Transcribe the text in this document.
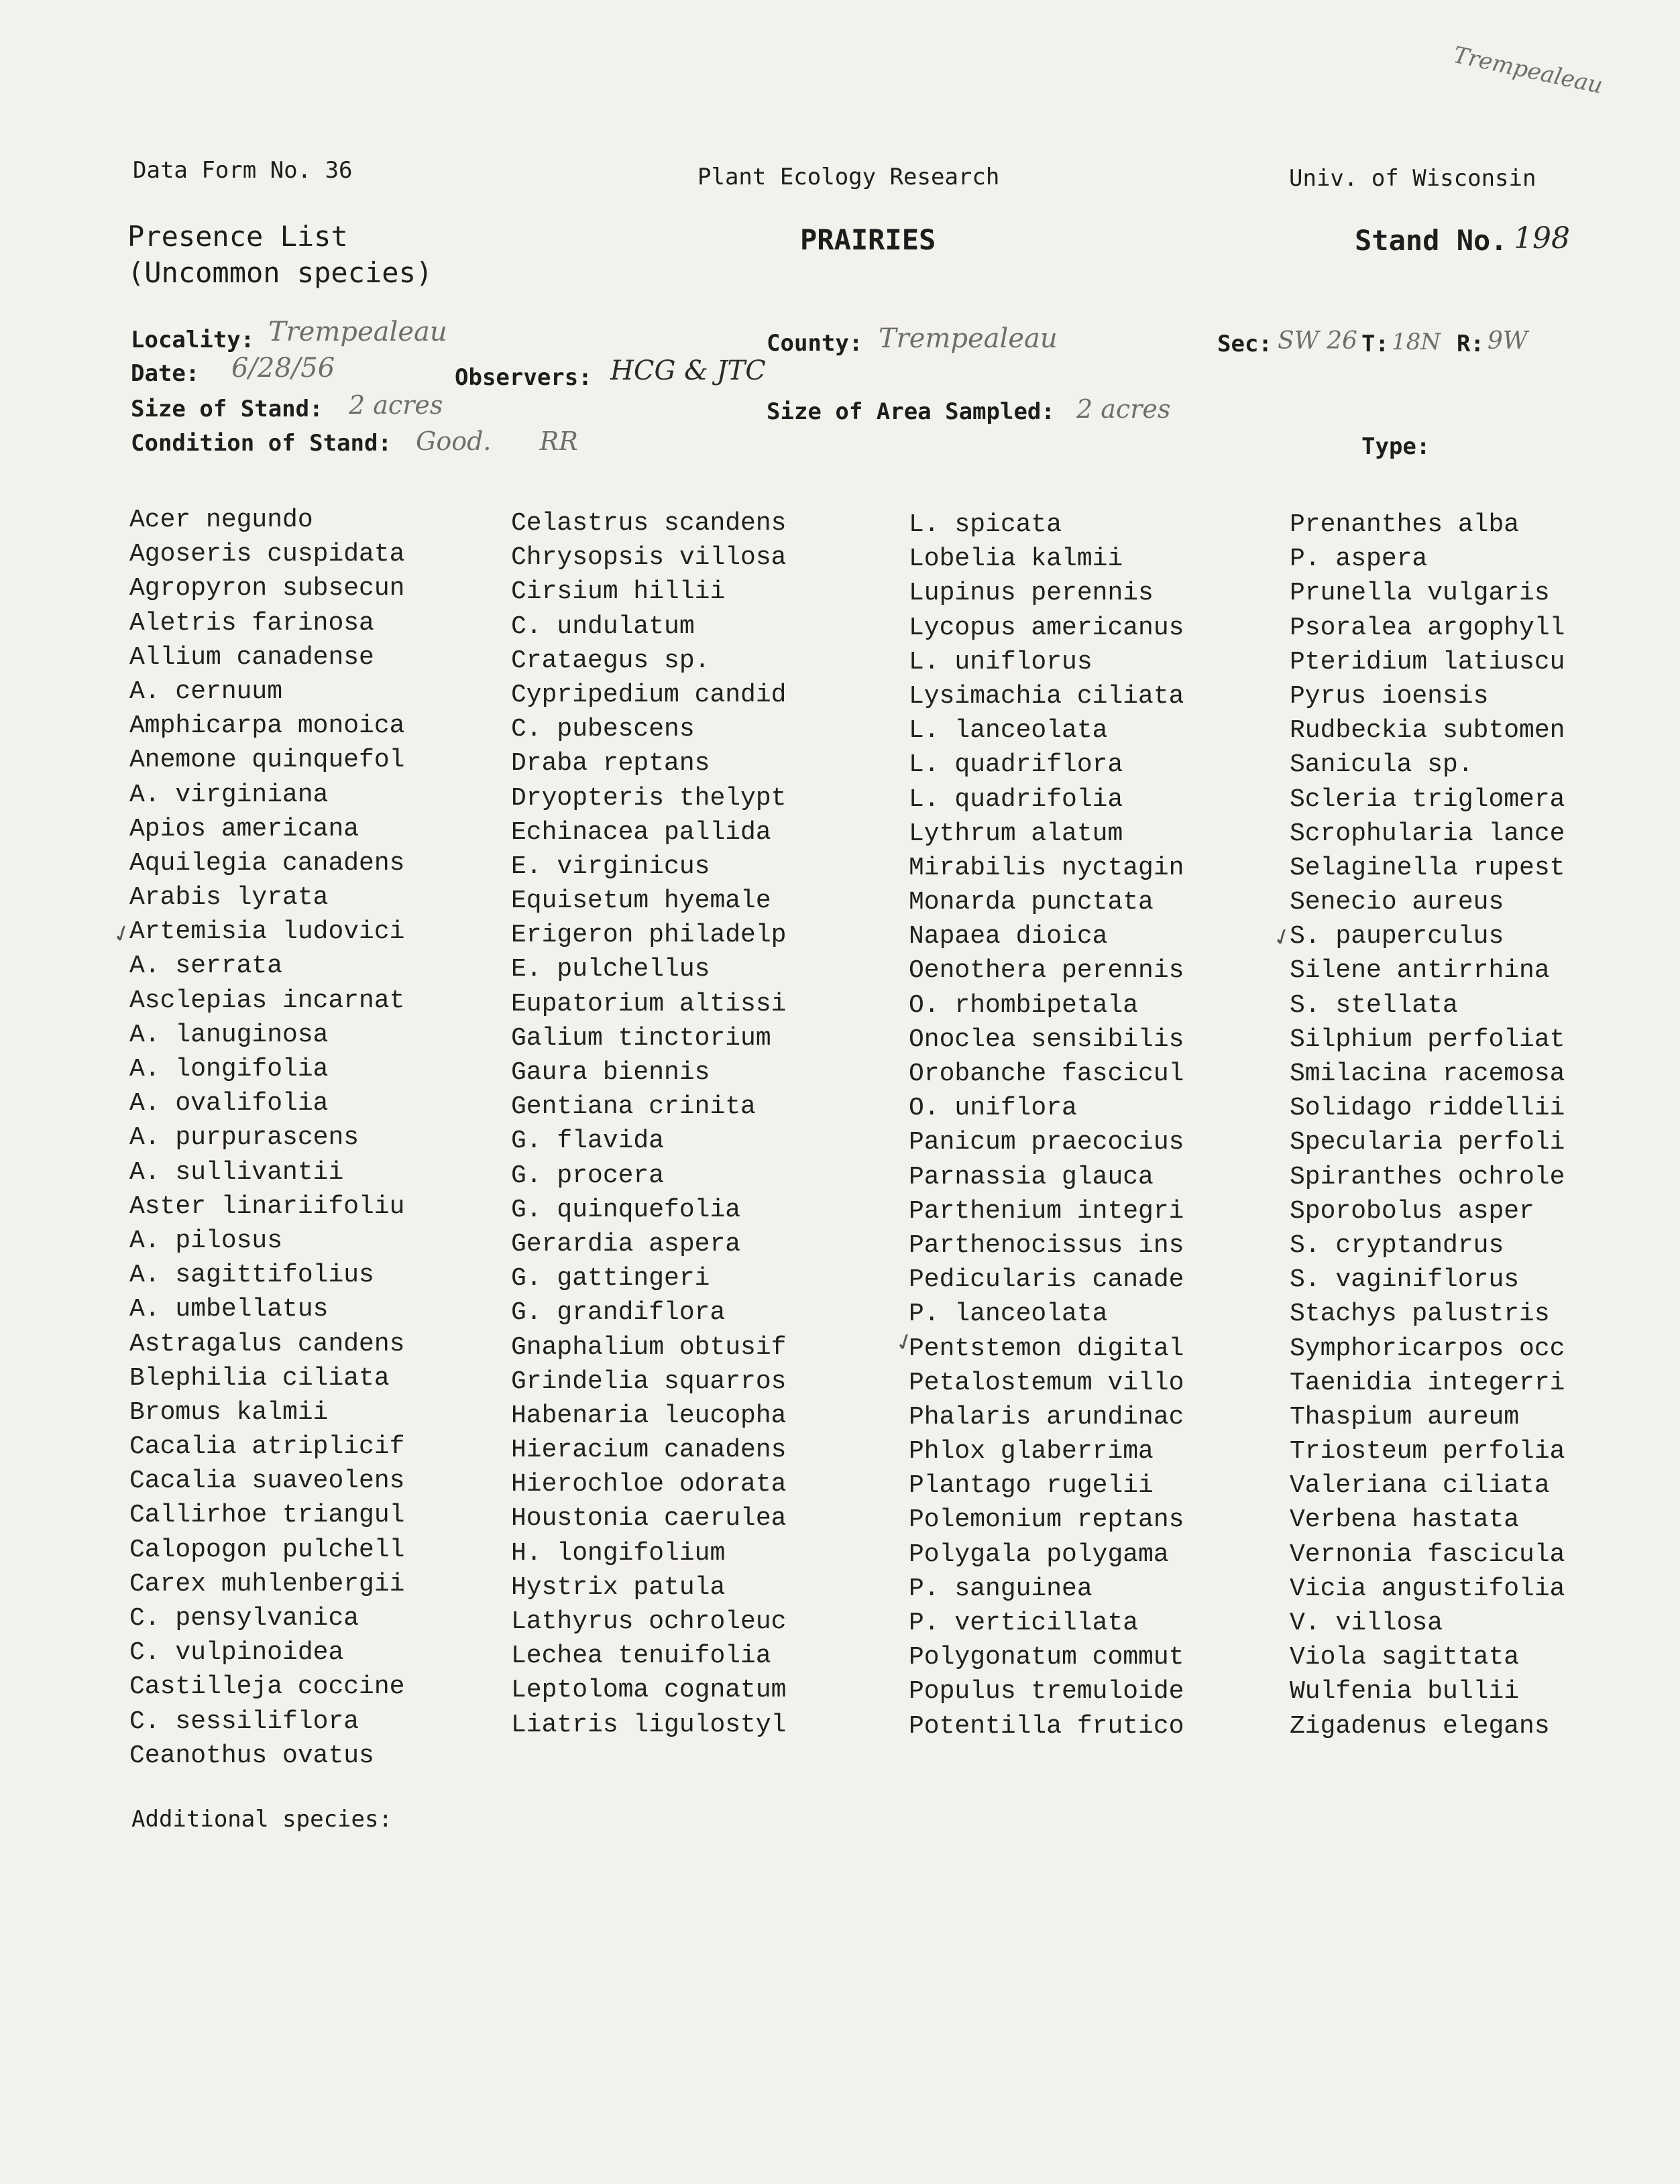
Trempealeau
Data Form No. 36	Plant Ecology Research	Univ. of Wisconsin
Presence List
(Uncommon species)
PRAIRIES	Stand No. 198
Locality: Trempealeau	County: Trempealeau	Sec: SW 26 T: 18N R: 9W
Date: 6/28/56	Observers: HCG & JTC
Size of Stand: 2 acres	Size of Area Sampled: 2 acres
Condition of Stand: Good. RR	Type:
Acer negundo
Agoseris cuspidata
Agropyron subsecun
Aletris farinosa
Allium canadense
A. cernuum
Amphicarpa monoica
Anemone quinquefol
A. virginiana
Apios americana
Aquilegia canadens
Arabis lyrata
Artemisia ludovici
A. serrata
Asclepias incarnat
A. lanuginosa
A. longifolia
A. ovalifolia
A. purpurascens
A. sullivantii
Aster linariifoliu
A. pilosus
A. sagittifolius
A. umbellatus
Astragalus candens
Blephilia ciliata
Bromus kalmii
Cacalia atriplicif
Cacalia suaveolens
Callirhoe triangul
Calopogon pulchell
Carex muhlenbergii
C. pensylvanica
C. vulpinoidea
Castilleja coccine
C. sessiliflora
Ceanothus ovatus
Celastrus scandens
Chrysopsis villosa
Cirsium hillii
C. undulatum
Crataegus sp.
Cypripedium candid
C. pubescens
Draba reptans
Dryopteris thelypt
Echinacea pallida
E. virginicus
Equisetum hyemale
Erigeron philadelp
E. pulchellus
Eupatorium altissi
Galium tinctorium
Gaura biennis
Gentiana crinita
G. flavida
G. procera
G. quinquefolia
Gerardia aspera
G. gattingeri
G. grandiflora
Gnaphalium obtusif
Grindelia squarros
Habenaria leucopha
Hieracium canadens
Hierochloe odorata
Houstonia caerulea
H. longifolium
Hystrix patula
Lathyrus ochroleuc
Lechea tenuifolia
Leptoloma cognatum
Liatris ligulostyl
L. spicata
Lobelia kalmii
Lupinus perennis
Lycopus americanus
L. uniflorus
Lysimachia ciliata
L. lanceolata
L. quadriflora
L. quadrifolia
Lythrum alatum
Mirabilis nyctagin
Monarda punctata
Napaea dioica
Oenothera perennis
O. rhombipetala
Onoclea sensibilis
Orobanche fascicul
O. uniflora
Panicum praecocius
Parnassia glauca
Parthenium integri
Parthenocissus ins
Pedicularis canade
P. lanceolata
Pentstemon digital
Petalostemum villo
Phalaris arundinac
Phlox glaberrima
Plantago rugelii
Polemonium reptans
Polygala polygama
P. sanguinea
P. verticillata
Polygonatum commut
Populus tremuloide
Potentilla frutico
Prenanthes alba
P. aspera
Prunella vulgaris
Psoralea argophyll
Pteridium latiuscu
Pyrus ioensis
Rudbeckia subtomen
Sanicula sp.
Scleria triglomera
Scrophularia lance
Selaginella rupest
Senecio aureus
S. pauperculus
Silene antirrhina
S. stellata
Silphium perfoliat
Smilacina racemosa
Solidago riddellii
Specularia perfoli
Spiranthes ochrole
Sporobolus asper
S. cryptandrus
S. vaginiflorus
Stachys palustris
Symphoricarpos occ
Taenidia integerri
Thaspium aureum
Triosteum perfolia
Valeriana ciliata
Verbena hastata
Vernonia fascicula
Vicia angustifolia
V. villosa
Viola sagittata
Wulfenia bullii
Zigadenus elegans
✓
✓
✓
Additional species:
